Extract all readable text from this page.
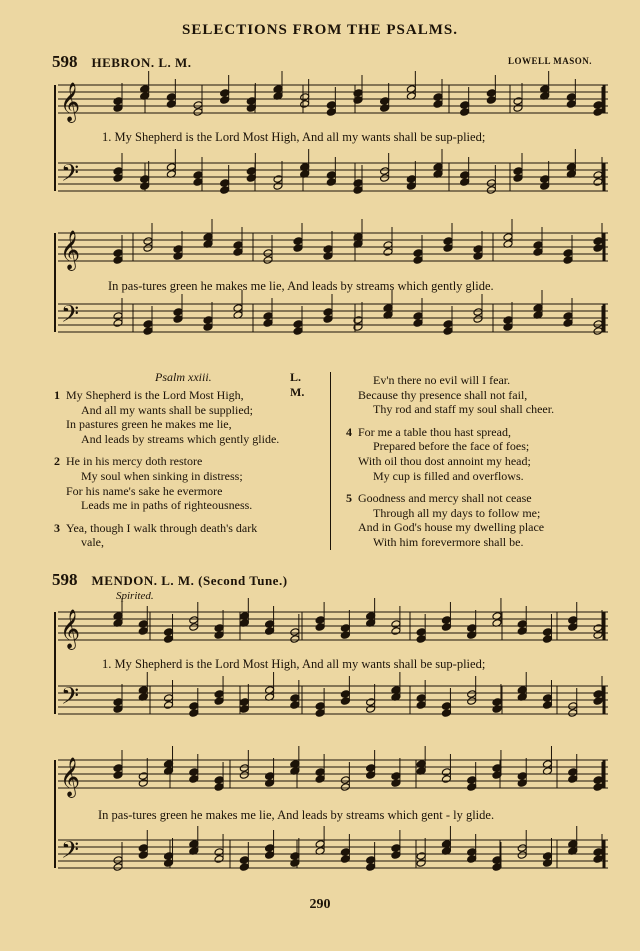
SELECTIONS FROM THE PSALMS.
598 HEBRON. L. M.	LOWELL MASON.
598 MENDON. L. M. (Second Tune.)
Spirited.
𝄞
𝄢
𝄞
𝄢
𝄞
𝄢
𝄞
𝄢
1. My Shepherd is the Lord Most High, And all my wants shall be sup-plied;
In pas-tures green he makes me lie, And leads by streams which gently glide.
1. My Shepherd is the Lord Most High, And all my wants shall be sup-plied;
In pas-tures green he makes me lie, And leads by streams which gent - ly glide.
Psalm xxiii.	L. M.
1 My Shepherd is the Lord Most High,
And all my wants shall be supplied;
In pastures green he makes me lie,
And leads by streams which gently glide.
2 He in his mercy doth restore
My soul when sinking in distress;
For his name's sake he evermore
Leads me in paths of righteousness.
3 Yea, though I walk through death's dark
vale,
Ev'n there no evil will I fear.
Because thy presence shall not fail,
Thy rod and staff my soul shall cheer.
4 For me a table thou hast spread,
Prepared before the face of foes;
With oil thou dost annoint my head;
My cup is filled and overflows.
5 Goodness and mercy shall not cease
Through all my days to follow me;
And in God's house my dwelling place
With him forevermore shall be.
290
